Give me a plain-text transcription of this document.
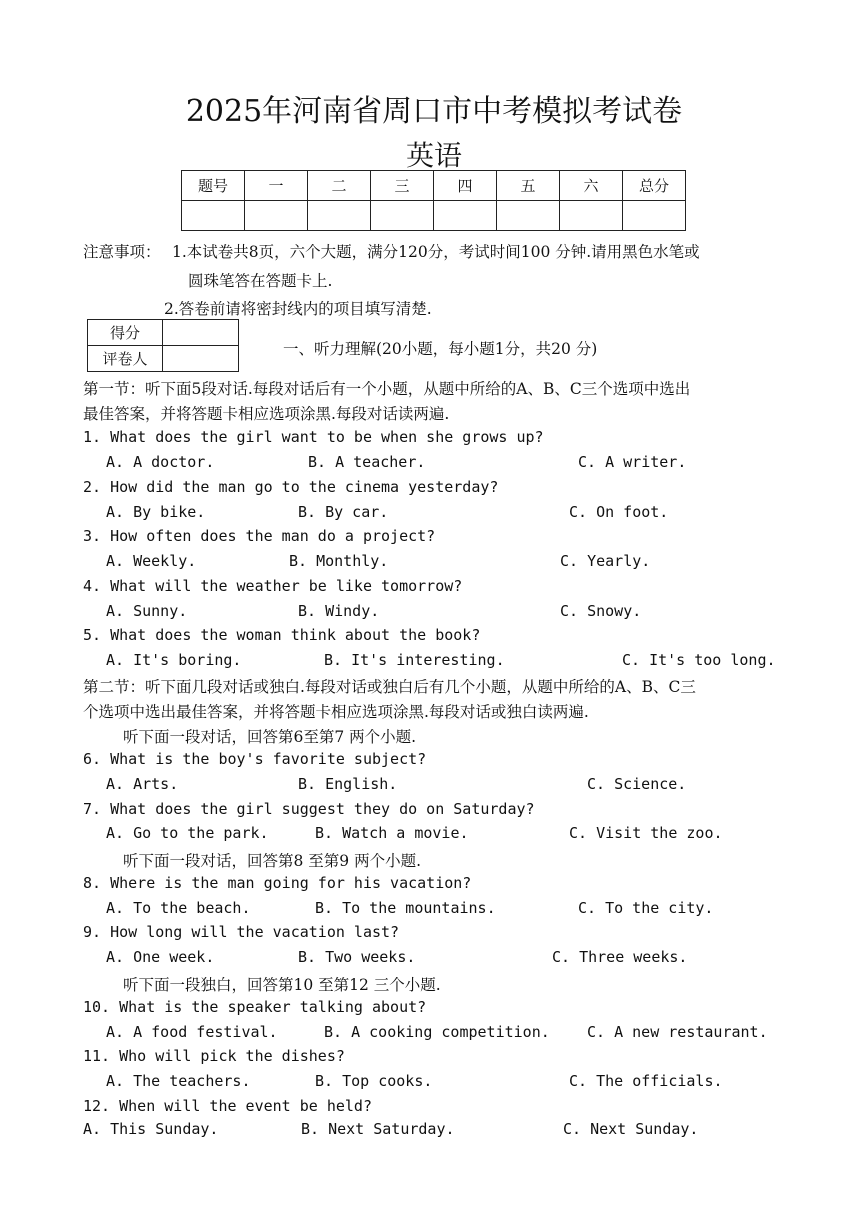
2025年河南省周口市中考模拟考试卷
英语
题号	一	二	三	四	五	六	总分

注意事项： 1.本试卷共8页，六个大题，满分120分，考试时间100 分钟.请用黑色水笔或
圆珠笔答在答题卡上.
2.答卷前请将密封线内的项目填写清楚.
得分	
评卷人	
一、听力理解(20小题，每小题1分，共20 分)
第一节：听下面5段对话.每段对话后有一个小题，从题中所给的A、B、C三个选项中选出
最佳答案，并将答题卡相应选项涂黑.每段对话读两遍.
1. What does the girl want to be when she grows up?
A. A doctor.	B. A teacher.	C. A writer.
2. How did the man go to the cinema yesterday?
A. By bike.	B. By car.	C. On foot.
3. How often does the man do a project?
A. Weekly.	B. Monthly.	C. Yearly.
4. What will the weather be like tomorrow?
A. Sunny.	B. Windy.	C. Snowy.
5. What does the woman think about the book?
A. It's boring.	B. It's interesting.	C. It's too long.
第二节：听下面几段对话或独白.每段对话或独白后有几个小题，从题中所给的A、B、C三
个选项中选出最佳答案，并将答题卡相应选项涂黑.每段对话或独白读两遍.
听下面一段对话，回答第6至第7 两个小题.
6. What is the boy's favorite subject?
A. Arts.	B. English.	C. Science.
7. What does the girl suggest they do on Saturday?
A. Go to the park.	B. Watch a movie.	C. Visit the zoo.
听下面一段对话，回答第8 至第9 两个小题.
8. Where is the man going for his vacation?
A. To the beach.	B. To the mountains.	C. To the city.
9. How long will the vacation last?
A. One week.	B. Two weeks.	C. Three weeks.
听下面一段独白，回答第10 至第12 三个小题.
10. What is the speaker talking about?
A. A food festival.	B. A cooking competition. C. A new restaurant.
11. Who will pick the dishes?
A. The teachers.	B. Top cooks.	C. The officials.
12. When will the event be held?
A. This Sunday.	B. Next Saturday.	C. Next Sunday.
